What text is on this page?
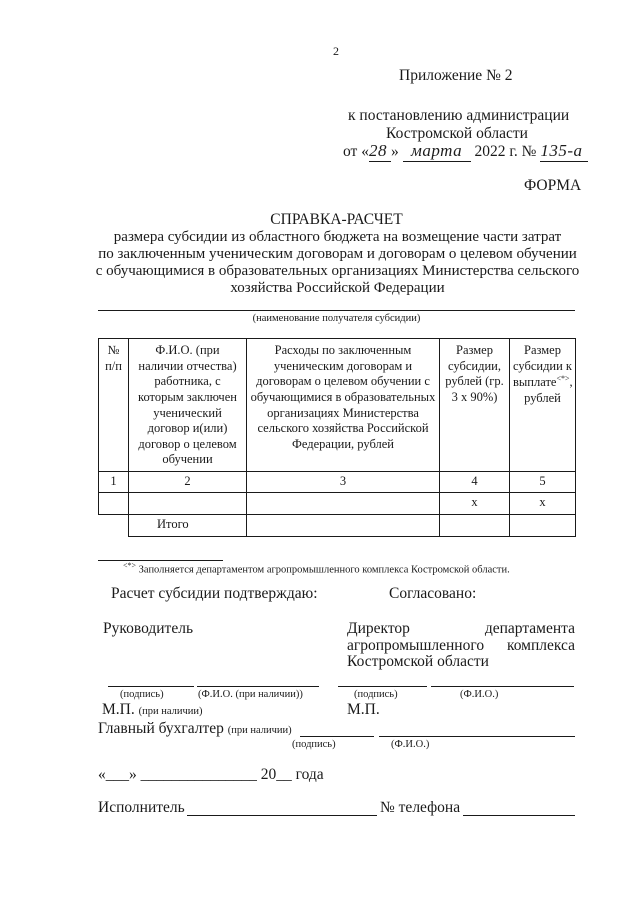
2
Приложение № 2
к постановлению администрации
Костромской области
от «28 » марта 2022 г. № 135-а
ФОРМА
СПРАВКА-РАСЧЕТ
размера субсидии из областного бюджета на возмещение части затрат
по заключенным ученическим договорам и договорам о целевом обучении
с обучающимися в образовательных организациях Министерства сельского
хозяйства Российской Федерации
(наименование получателя субсидии)
№ п/п	Ф.И.О. (при наличии отчества) работника, с которым заключен ученический договор и(или) договор о целевом обучении	Расходы по заключенным ученическим договорам и договорам о целевом обучении с обучающимися в образовательных организациях Министерства сельского хозяйства Российской Федерации, рублей	Размер субсидии, рублей (гр. 3 х 90%)	Размер субсидии к выплате<*>, рублей
1	2	3	4	5
			х	х
	Итого			
<*> Заполняется департаментом агропромышленного комплекса Костромской области.
Расчет субсидии подтверждаю:	Согласовано:
Руководитель	Директор	департамента
агропромышленного	комплекса
Костромской области
(подпись)	(Ф.И.О. (при наличии))	(подпись)	(Ф.И.О.)
М.П. (при наличии)	М.П.
Главный бухгалтер (при наличии)
(подпись)	(Ф.И.О.)
«___» _______________ 20__ года
Исполнитель	№ телефона
